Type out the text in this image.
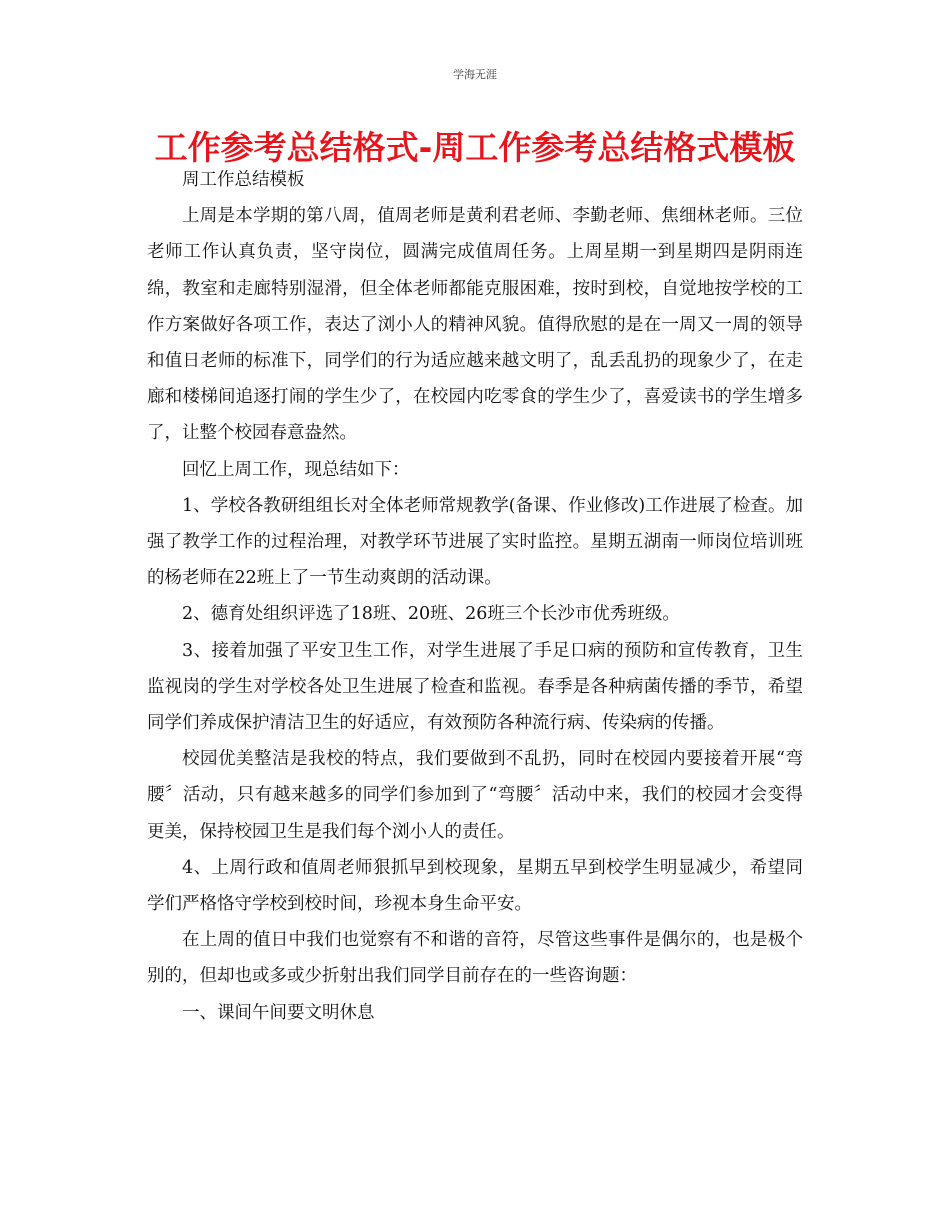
学海无涯
工作参考总结格式-周工作参考总结格式模板

周工作总结模板

上周是本学期的第八周，值周老师是黄利君老师、李勤老师、焦细林老师。三位老师工作认真负责，坚守岗位，圆满完成值周任务。上周星期一到星期四是阴雨连绵，教室和走廊特别湿滑，但全体老师都能克服困难，按时到校，自觉地按学校的工作方案做好各项工作，表达了浏小人的精神风貌。值得欣慰的是在一周又一周的领导和值日老师的标准下，同学们的行为适应越来越文明了，乱丢乱扔的现象少了，在走廊和楼梯间追逐打闹的学生少了，在校园内吃零食的学生少了，喜爱读书的学生增多了，让整个校园春意盎然。

回忆上周工作，现总结如下：

1、学校各教研组组长对全体老师常规教学(备课、作业修改)工作进展了检查。加强了教学工作的过程治理，对教学环节进展了实时监控。星期五湖南一师岗位培训班的杨老师在22班上了一节生动爽朗的活动课。

2、德育处组织评选了18班、20班、26班三个长沙市优秀班级。

3、接着加强了平安卫生工作，对学生进展了手足口病的预防和宣传教育，卫生监视岗的学生对学校各处卫生进展了检查和监视。春季是各种病菌传播的季节，希望同学们养成保护清洁卫生的好适应，有效预防各种流行病、传染病的传播。

校园优美整洁是我校的特点，我们要做到不乱扔，同时在校园内要接着开展“弯腰〞活动，只有越来越多的同学们参加到了“弯腰〞活动中来，我们的校园才会变得更美，保持校园卫生是我们每个浏小人的责任。

4、上周行政和值周老师狠抓早到校现象，星期五早到校学生明显减少，希望同学们严格恪守学校到校时间，珍视本身生命平安。

在上周的值日中我们也觉察有不和谐的音符，尽管这些事件是偶尔的，也是极个别的，但却也或多或少折射出我们同学目前存在的一些咨询题：

一、课间午间要文明休息
